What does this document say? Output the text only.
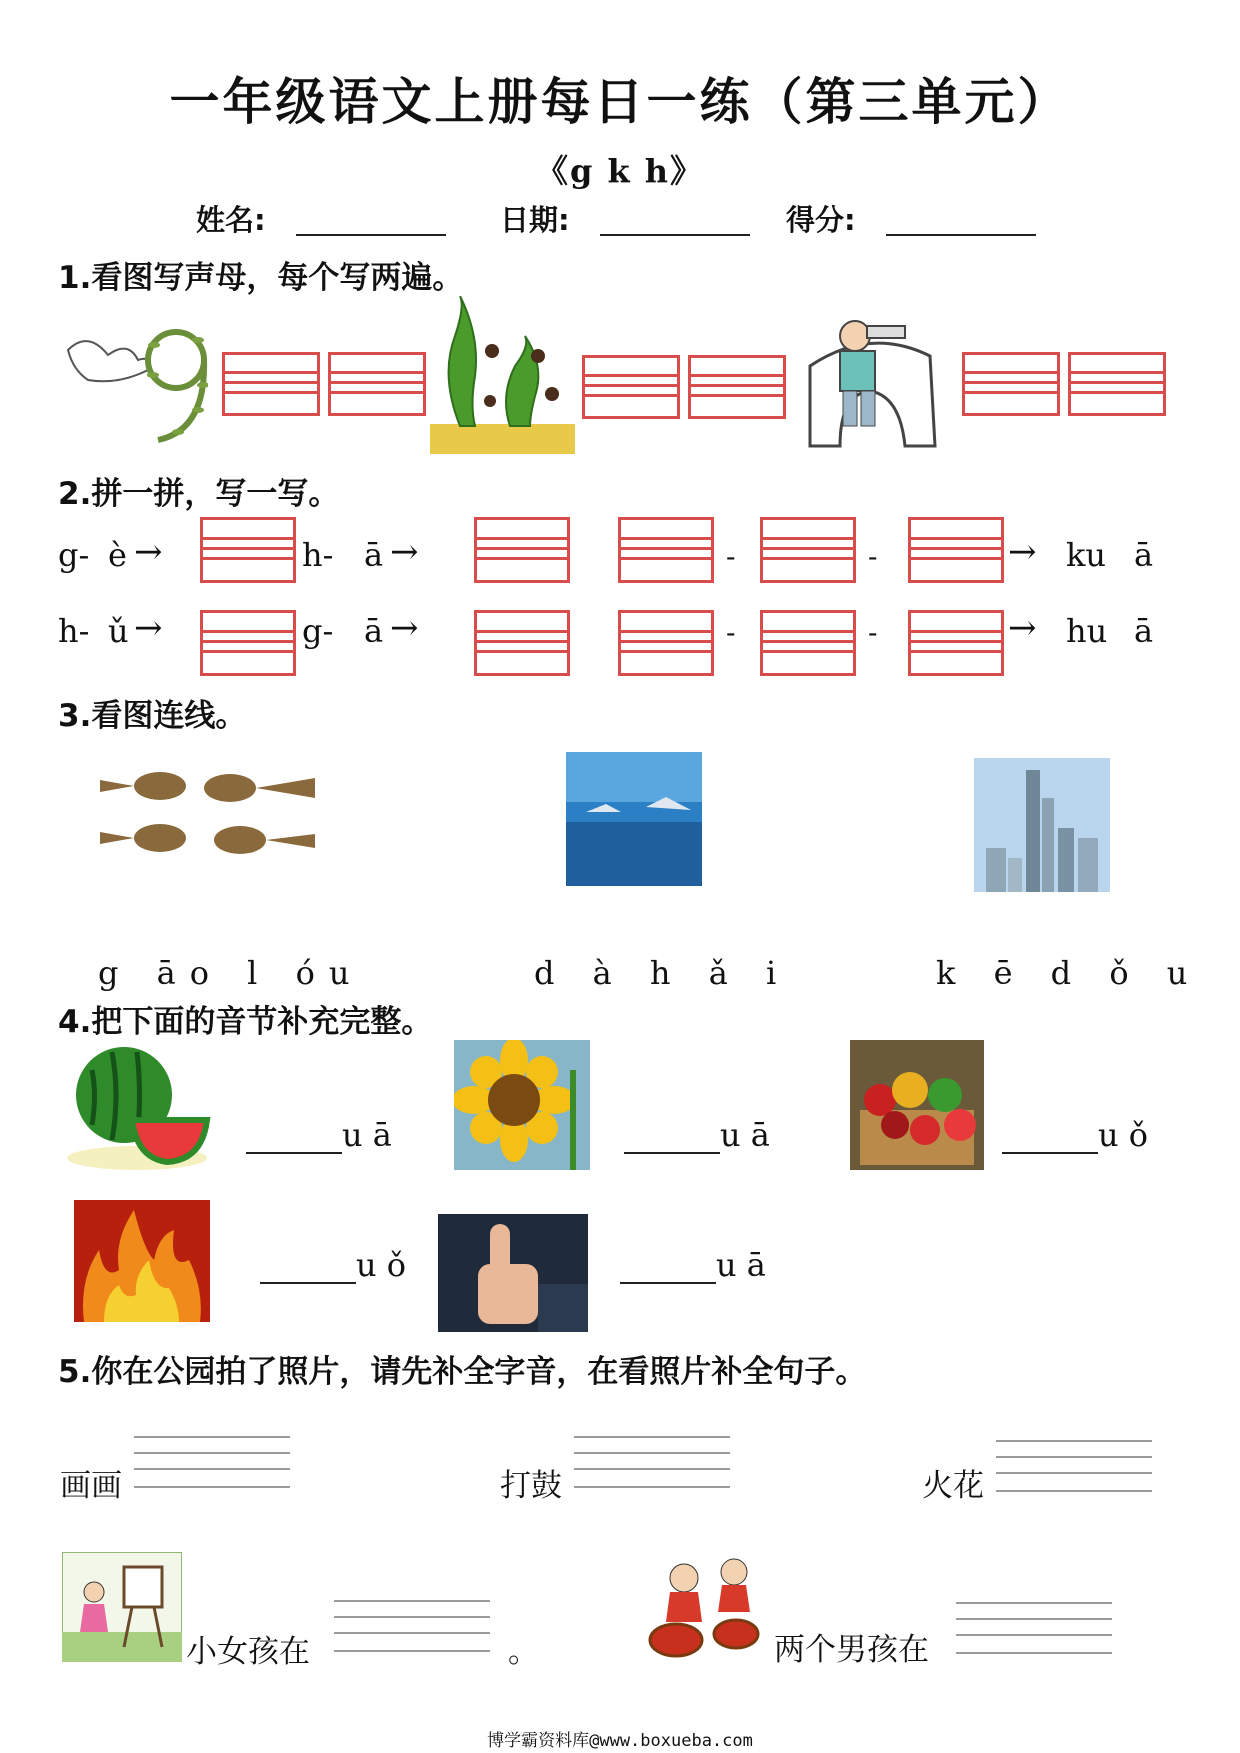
一年级语文上册每日一练（第三单元）
《g k h》
姓名:	日期:	得分:
1.看图写声母，每个写两遍。
2.拼一拼，写一写。
g- è →	h- ā →	-	-	→ ku ā
h- ǔ →	g- ā →	-	-	→ hu ā
3.看图连线。
g āo l óu	d à h ǎ i	k ē d ǒ u
4.把下面的音节补充完整。
u ā	u ā	u ǒ
u ǒ	u ā
5.你在公园拍了照片，请先补全字音，在看照片补全句子。
画画	打鼓	火花
小女孩在	。	两个男孩在
博学霸资料库@www.boxueba.com
